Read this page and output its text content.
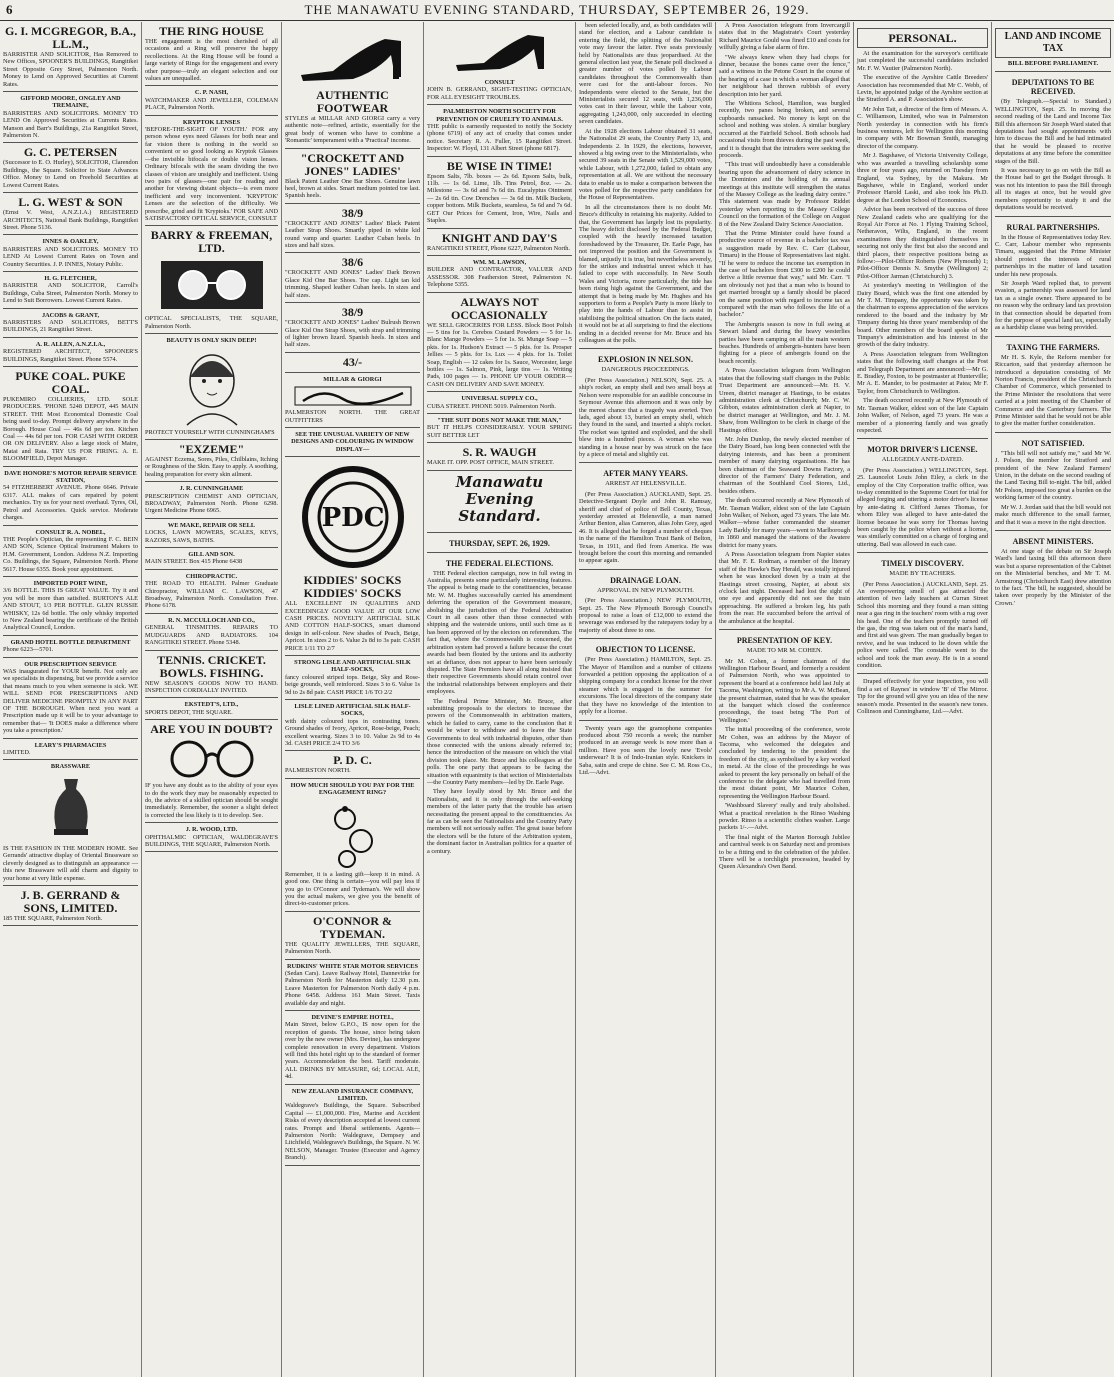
6	THE MANAWATU EVENING STANDARD, THURSDAY, SEPTEMBER 26, 1929.
G. I. MCGREGOR, B.A., LL.M.,
BARRISTER AND SOLICITOR, Has Removed to New Offices, SPOONER'S BUILDINGS, Rangitikei Street Opposite Grey Street, Palmerston North. Money to Lend on Approved Securities at Current Rates.
GIFFORD MOORE, ONGLEY AND TREMAINE,
BARRISTERS AND SOLICITORS. MONEY TO LEND On Approved Securities at Currents Rates. Manson and Barr's Buildings, 21a Rangitikei Street, Palmerston N.
G. C. PETERSEN
(Successor to E. O. Hurley), SOLICITOR, Clarendon Buildings, the Square. Solicitor to State Advances Office. Money to Lend on Freehold Securities at Lowest Current Rates.
L. G. WEST & SON
(Ernst V. West, A.N.Z.I.A.) REGISTERED ARCHITECTS, National Bank Buildings, Rangitikei Street. Phone 5136.
INNES & OAKLEY,
BARRISTERS AND SOLICITORS. MONEY TO LEND At Lowest Current Rates on Town and Country Securities. J. P. INNES, Notary Public.
H. G. FLETCHER,
BARRISTER AND SOLICITOR, Carroll's Buildings, Cuba Street, Palmerston North. Money to Lend to Suit Borrowers. Lowest Current Rates.
JACOBS & GRANT,
BARRISTERS AND SOLICITORS, BETT'S BUILDINGS, 21 Rangitikei Street.
A. R. ALLEN, A.N.Z.I.A.,
REGISTERED ARCHITECT, SPOONER'S BUILDINGS, Rangitikei Street. Phone 5574.
PUKE COAL. PUKE COAL.
PUKEMIRO COLLIERIES, LTD. SOLE PRODUCERS. 'PHONE 5248 DEPOT, 445 MAIN STREET. THE Most Economical Domestic Coal being used to-day. Prompt delivery anywhere in the Borough. House Coal — 46s 6d per ton. Kitchen Coal — 44s 6d per ton. FOR CASH WITH ORDER OR ON DELIVERY. Also a large stock of Maire, Matai and Rata. TRY US FOR FIRING. A. E. BLOOMFIELD, Depot Manager.
DAVE HONORE'S MOTOR REPAIR SERVICE STATION,
54 FITZHERBERT AVENUE. Phone 6646. Private 6317. ALL makes of cars repaired by potent mechanics. Try us for your next overhaul. Tyres, Oil, Petrol and Accessories. Quick service. Moderate charges.
CONSULT R. A. NOBEL,
THE People's Optician, the representing F. C. BEIN AND SON, Science Optical Instrument Makers to H.M. Government, London. Address N.Z. Importing Co. Buildings, the Square, Palmerston North. Phone 5617. House 6355. Book your appointment.
IMPORTED PORT WINE,
3/6 BOTTLE. THIS IS GREAT VALUE. Try it and you will be more than satisfied. BURTON'S ALE AND STOUT, 1/3 PER BOTTLE. GLEN RUSSIE WHISKY, 12s 6d bottle. The only whisky imported to New Zealand bearing the certificate of the British Analytical Council, London.
GRAND HOTEL BOTTLE DEPARTMENT
Phone 6223—5701.
OUR PRESCRIPTION SERVICE
WAS inaugurated for YOUR benefit. Not only are we specialists in dispensing, but we provide a service that means much to you when someone is sick. WE WILL SEND FOR PRESCRIPTIONS AND DELIVER MEDICINE PROMPTLY IN ANY PART OF THE BOROUGH. When next you want a Prescription made up it will be to your advantage to remember that— 'It DOES make a difference where you take a prescription.'
LEARY'S PHARMACIES
LIMITED.
BRASSWARE
IS THE FASHION IN THE MODERN HOME. See Gerrands' attractive display of Oriental Brassware so cleverly designed as to distinguish an appearance — this new Brassware will add charm and dignity to your home at very little expense.
J. B. GERRAND & SONS, LIMITED.
185 THE SQUARE, Palmerston North.
THE RING HOUSE
THE engagement is the most cherished of all occasions and a Ring will preserve the happy recollections. At the Ring House will be found a large variety of Rings for the engagement and every other purpose—truly an elegant selection and our values are unequalled.
C. P. NASH,
WATCHMAKER AND JEWELLER, COLEMAN PLACE, Palmerston North.
KRYPTOK LENSES
'BEFORE-THE-SIGHT OF YOUTH.' FOR any person whose eyes need Glasses for both near and far vision there is nothing in the world so convenient or so good looking as Kryptok Glasses—the invisible bifocals or double vision lenses. Ordinary bifocals with the seam dividing the two classes of vision are unsightly and inefficient. Using two pairs of glasses—one pair for reading and another for viewing distant objects—is even more inefficient and very inconvenient. 'KRYPTOK' Lenses are the selection of the difficulty. We prescribe, grind and fit 'Kryptoks.' FOR SAFE AND SATISFACTORY OPTICAL SERVICE, CONSULT
BARRY & FREEMAN, LTD.
OPTICAL SPECIALISTS, THE SQUARE, Palmerston North.
BEAUTY IS ONLY SKIN DEEP!
PROTECT YOURSELF WITH CUNNINGHAM'S
"EXZEME"
AGAINST Eczema, Sores, Piles, Chilblains, Itching or Roughness of the Skin. Easy to apply. A soothing, healing preparation for every skin ailment.
J. R. CUNNINGHAME
PRESCRIPTION CHEMIST AND OPTICIAN, BROADWAY, Palmerston North. Phone 6298. Urgent Medicine Phone 6965.
WE MAKE, REPAIR OR SELL
LOCKS, LAWN MOWERS, SCALES, KEYS, RAZORS, SAWS, BATHS.
GILL AND SON.
MAIN STREET. Box 415 Phone 6438
CHIROPRACTIC.
THE ROAD TO HEALTH. Palmer Graduate Chiropractor, WILLIAM C. LAWSON, 47 Broadway, Palmerston North. Consultation Free. Phone 6178.
R. N. MCCULLOCH AND CO.,
GENERAL TINSMITHS. REPAIRS TO MUDGUARDS AND RADIATORS. 104 RANGITIKEI STREET. Phone 5348.
TENNIS. CRICKET. BOWLS. FISHING.
NEW SEASON'S GOODS NOW TO HAND. INSPECTION CORDIALLY INVITED.
EKSTEDT'S, LTD.,
SPORTS DEPOT, THE SQUARE.
ARE YOU IN DOUBT?
IF you have any doubt as to the ability of your eyes to do the work they may be reasonably expected to do, the advice of a skilled optician should be sought immediately. Remember, the sooner a slight defect is corrected the less likely is it to develop. See.
J. R. WOOD, LTD.
OPHTHALMIC OPTICIAN, WALDEGRAVE'S BUILDINGS, THE SQUARE, Palmerston North.
AUTHENTIC FOOTWEAR
STYLES at MILLAR AND GIORGI carry a very authentic note—refined, artistic, essentially for the great body of women who have to combine a 'Romantic' temperament with a 'Practical' income.
"CROCKETT AND JONES" LADIES'
Black Patent Leather One Bar Shoes. Genuine lawn heel, brown at sides. Smart medium pointed toe last. Spanish heels.
38/9
"CROCKETT AND JONES" Ladies' Black Patent Leather Strap Shoes. Smartly piped in white kid round vamp and quarter. Leather Cuban heels. In sizes and half sizes.
38/6
"CROCKETT AND JONES" Ladies' Dark Brown Glace Kid One Bar Shoes. Toe cap. Light tan kid trimming. Shaped leather Cuban heels. In sizes and half sizes.
38/9
"CROCKETT AND JONES" Ladies' Bulrush Brown Glace Kid One Strap Shoes, with strap and trimming of lighter brown lizard. Spanish heels. In sizes and half sizes.
43/-
MILLAR & GIORGI
PALMERSTON NORTH. THE GREAT OUTFITTERS
SEE THE UNUSUAL VARIETY OF NEW DESIGNS AND COLOURING IN WINDOW DISPLAY—
PDC
KIDDIES' SOCKS KIDDIES' SOCKS
ALL EXCELLENT IN QUALITIES AND EXCEEDINGLY GOOD VALUE AT OUR LOW CASH PRICES. NOVELTY ARTIFICIAL SILK AND COTTON HALF-SOCKS, smart diamond design in self-colour. New shades of Peach, Beige, Apricot. In sizes 2 to 6. Value 2s 8d to 3s pair. CASH PRICE 1/11 TO 2/7
STRONG LISLE AND ARTIFICIAL SILK HALF-SOCKS,
fancy coloured striped tops. Beige, Sky and Rose-beige grounds, well reinforced. Sizes 3 to 6. Value 1s 9d to 2s 8d pair. CASH PRICE 1/6 TO 2/2
LISLE LINED ARTIFICIAL SILK HALF-SOCKS,
with dainty coloured tops in contrasting tones. Ground shades of Ivory, Apricot, Rose-beige, Peach; excellent wearing. Sizes 3 to 10. Value 2s 9d to 4s 3d. CASH PRICE 2/4 TO 3/6
P. D. C.
PALMERSTON NORTH.
HOW MUCH SHOULD YOU PAY FOR THE ENGAGEMENT RING?
Remember, it is a lasting gift—keep it in mind. A good one. One thing is certain—you will pay less if you go to O'Connor and Tydeman's. We will show you the actual makers, we give you the benefit of direct-to-customer prices.
O'CONNOR & TYDEMAN.
THE QUALITY JEWELLERS, THE SQUARE, Palmerston North.
RUDKINS' WHITE STAR MOTOR SERVICES
(Sedan Cars). Leave Railway Hotel, Dannevirke for Palmerston North for Masterton daily 12.30 p.m. Leave Masterton for Palmerston North daily 4 p.m. Phone 6458. Address 161 Main Street. Taxis available day and night.
DEVINE'S EMPIRE HOTEL,
Main Street, below G.P.O., IS now open for the reception of guests. The house, since being taken over by the new owner (Mrs. Devine), has undergone complete renovation in every department. Visitors will find this hotel right up to the standard of former years. Accommodation the best. Tariff moderate. ALL DRINKS BY MEASURE, 6d; LOCAL ALE, 4d.
NEW ZEALAND INSURANCE COMPANY, LIMITED.
Waldegrave's Buildings, the Square. Subscribed Capital — £1,000,000. Fire, Marine and Accident Risks of every description accepted at lowest current rates. Prompt and liberal settlements. Agents—Palmerston North: Waldegrave, Dempsey and Litchfield, Waldegrave's Buildings, the Square. N. W. NELSON, Manager. Trustee (Executor and Agency Branch).
CONSULT
JOHN B. GERRAND, SIGHT-TESTING OPTICIAN, FOR ALL EYESIGHT TROUBLES.
PALMERSTON NORTH SOCIETY FOR PREVENTION OF CRUELTY TO ANIMALS.
THE public is earnestly requested to notify the Society (phone 6719) of any act of cruelty that comes under notice. Secretary R. A. Fuller, 15 Rangitikei Street. Inspector: W. Floyd, 131 Albert Street (phone 6817).
BE WISE IN TIME!
Epsom Salts, 7lb. boxes — 2s 6d. Epsom Salts, bulk, 11lb. — 1s 6d. Lime, 1lb. Tins Petrol, 8oz. — 2s. Milestone — 3s 6d and 7s 6d tin. Eucalyptus Ointment — 2s 6d tin. Cow Drenches — 3s 6d tin. Milk Buckets, copper bottom. Milk Buckets, seamless, 5s 6d and 7s 6d. GET Our Prices for Cement, Iron, Wire, Nails and Staples.
KNIGHT AND DAY'S
RANGITIKEI STREET, Phone 6227, Palmerston North.
WM. M. LAWSON,
BUILDER AND CONTRACTOR, VALUER AND ASSESSOR. 308 Featherston Street, Palmerston N. Telephone 5355.
ALWAYS NOT OCCASIONALLY
WE SELL GROCERIES FOR LESS. Block Boot Polish — 5 tins for 1s. Cerebos Custard Powders — 5 for 1s. Blanc Mange Powders — 5 for 1s. St. Munge Soap — 5 pkts. for 1s. Hudson's Extract — 5 pkts. for 1s. Prosper Jellies — 5 pkts. for 1s. Lux — 4 pkts. for 1s. Toilet Soap, English — 12 cakes for 1s. Sauce, Worcester, large bottles — 1s. Salmon, Pink, large tins — 1s. Writing Pads, 100 pages — 1s. PHONE UP YOUR ORDER—CASH ON DELIVERY AND SAVE MONEY.
UNIVERSAL SUPPLY CO.,
CUBA STREET. PHONE 5019. Palmerston North.
"THE SUIT DOES NOT MAKE THE MAN,"
BUT IT HELPS CONSIDERABLY. YOUR SPRING SUIT BETTER LET
S. R. WAUGH
MAKE IT. OPP. POST OFFICE, MAIN STREET.
Manawatu Evening Standard.
THURSDAY, SEPT. 26, 1929.
THE FEDERAL ELECTIONS.
THE Federal election campaign, now in full swing in Australia, presents some particularly interesting features. The appeal is being made to the constituencies, because Mr. W. M. Hughes successfully carried his amendment deferring the operation of the Government measure, abolishing the jurisdiction of the Federal Arbitration Court in all cases other than those connected with shipping and the waterside unions, until such time as it has been approved of by the electors on referendum. The fact that, where the Commonwealth is concerned, the arbitration system had proved a failure because the court awards had been flouted by the unions and its authority set at defiance, does not appear to have been seriously disputed. The State Premiers have all along insisted that their respective Governments should retain control over the industrial relationships between employers and their employees.
The Federal Prime Minister, Mr. Bruce, after submitting proposals to the electors to increase the powers of the Commonwealth in arbitration matters, which he failed to carry, came to the conclusion that it would be wiser to withdraw and to leave the State Governments to deal with industrial disputes, other than those connected with the unions already referred to; hence the introduction of the measure on which the vital division took place. Mr. Bruce and his colleagues at the polls. The one party that appears to be facing the situation with equanimity is that section of Ministerialists—the Country Party members—led by Dr. Earle Page.
They have loyally stood by Mr. Bruce and the Nationalists, and it is only through the self-seeking members of the latter party that the trouble has arisen necessitating the present appeal to the constituencies. As far as can be seen the Nationalists and the Country Party members will not seriously suffer. The great issue before the electors will be the future of the Arbitration system, the dominant factor in Australian politics for a quarter of a century.
been selected locally, and, as both candidates will stand for election, and a Labour candidate is entering the field, the splitting of the Nationalist vote may favour the latter. Five seats previously held by Nationalists are thus jeopardised. At the general election last year, the Senate poll disclosed a greater number of votes polled by Labour candidates throughout the Commonwealth than were cast for the anti-labour forces. No Independents were elected to the Senate, but the Ministerialists secured 12 seats, with 1,236,000 votes cast in their favour, while the Labour vote, aggregating 1,243,000, only succeeded in electing seven candidates.
At the 1928 elections Labour obtained 31 seats, the Nationalist 29 seats, the Country Party 13, and Independents 2. In 1929, the elections, however, showed a big swing over to the Ministerialists, who secured 39 seats in the Senate with 1,529,000 votes, while Labour, with 1,272,000, failed to obtain any representation at all. We are without the necessary data to enable us to make a comparison between the votes polled for the respective party candidates for the House of Representatives.
In all the circumstances there is no doubt Mr. Bruce's difficulty in retaining his majority. Added to that, the Government has largely lost its popularity. The heavy deficit disclosed by the Federal Budget, coupled with the heavily increased taxation foreshadowed by the Treasurer, Dr. Earle Page, has not improved the position and the Government is blamed, unjustly it is true, but nevertheless severely, for the strikes and industrial unrest which it has failed to cope with successfully. In New South Wales and Victoria, more particularly, the tide has been rising high against the Government, and the attempt that is being made by Mr. Hughes and his supporters to form a People's Party is more likely to play into the hands of Labour than to assist in stabilising the political situation. On the facts stated, it would not be at all surprising to find the elections ending in a decided reverse for Mr. Bruce and his colleagues at the polls.
EXPLOSION IN NELSON.
DANGEROUS PROCEEDINGS.
(Per Press Association.) NELSON, Sept. 25. A ship's rocket, an empty shell and two small boys at Nelson were responsible for an audible concourse in Seymour Avenue this afternoon and it was only by the merest chance that a tragedy was averted. Two lads, aged about 13, buried an empty shell, which they found in the sand, and inserted a ship's rocket. The rocket was ignited and exploded, and the shell blew into a hundred pieces. A woman who was standing in a house near by was struck on the face by a piece of metal and slightly cut.
AFTER MANY YEARS.
ARREST AT HELENSVILLE.
(Per Press Association.) AUCKLAND, Sept. 25. Detective-Sergeant Doyle and John R. Ramsay, sheriff and chief of police of Bell County, Texas, yesterday arrested at Helensville, a man named Arthur Benton, alias Cameron, alias John Grey, aged 46. It is alleged that he forged a number of cheques in the name of the Hamilton Trust Bank of Belton, Texas, in 1911, and fled from America. He was brought before the court this morning and remanded to appear again.
DRAINAGE LOAN.
APPROVAL IN NEW PLYMOUTH.
(Per Press Association.) NEW PLYMOUTH, Sept. 25. The New Plymouth Borough Council's proposal to raise a loan of £12,000 to extend the sewerage was endorsed by the ratepayers today by a majority of about three to one.
OBJECTION TO LICENSE.
(Per Press Association.) HAMILTON, Sept. 25. The Mayor of Hamilton and a number of citizens forwarded a petition opposing the application of a shipping company for a conduct license for the river steamer which is engaged in the summer for excursions. The local directors of the company state that they have no knowledge of the intention to apply for a license.
Twenty years ago the gramophone companies produced about 750 records a week; the number produced in an average week is now more than a million. Have you seen the lovely new 'Evols' underwear? It is of Indo-Iranian style. Knickers in Saba, satin and crepe de chine. See C. M. Ross Co., Ltd.—Advt.
A Press Association telegram from Invercargill states that in the Magistrate's Court yesterday Richard Maurice Gould was fined £10 and costs for wilfully giving a false alarm of fire.
"We always knew when they had chops for dinner, because the bones came over the fence," said a witness in the Petone Court in the course of the hearing of a case in which a woman alleged that her neighbour had thrown rubbish of every description into her yard.
The Whitiora School, Hamilton, was burgled recently, two panes being broken, and several cupboards ransacked. No money is kept on the school and nothing was stolen. A similar burglary occurred at the Fairfield School. Both schools had occasional visits from thieves during the past week, and it is thought that the intruders were seeking the proceeds.
"This trust will undoubtedly have a considerable bearing upon the advancement of dairy science in the Dominion and the holding of its annual meetings at this institute will strengthen the status of the Massey College as the leading dairy centre." This statement was made by Professor Riddet yesterday when reporting to the Massey College Council on the formation of the College on August 8 of the New Zealand Dairy Science Association.
That the Prime Minister could have found a productive source of revenue in a bachelor tax was a suggestion made by Rev. C. Carr (Labour, Timaru) in the House of Representatives last night. "If he were to reduce the income tax exemption in the case of bachelors from £300 to £200 he could derive a little revenue that way," said Mr. Carr. "I am obviously not just that a man who is bound to get married brought up a family should be placed on the same position with regard to income tax as compared with the man who follows the life of a bachelor."
The Ambergris season is now in full swing at Stewart Island and during the heavy westerlies parties have been camping on all the main western beaches. Hundreds of ambergris-hunters have been fighting for a piece of ambergris found on the beach recently.
A Press Association telegram from Wellington states that the following staff changes in the Public Trust Department are announced:—Mr. H. V. Ureen, district manager at Hastings, to be estates administration clerk at Christchurch; Mr. C. W. Gibbon, estates administration clerk at Napier, to be district manager at Wellington, and Mr. J. M. Shaw, from Wellington to be clerk in charge of the Hastings office.
Mr. John Dunlop, the newly elected member of the Dairy Board, has long been connected with the dairying interests, and has been a prominent member of many dairying organisations. He has been chairman of the Seaward Downs Factory, a director of the Farmers' Dairy Federation, and chairman of the Southland Cool Stores, Ltd., besides others.
The death occurred recently at New Plymouth of Mr. Tasman Walker, eldest son of the late Captain John Walker, of Nelson, aged 73 years. The late Mr. Walker—whose father commanded the steamer Lady Barkly for many years—went to Marlborough in 1860 and managed the stations of the Awatere district for many years.
A Press Association telegram from Napier states that Mr. F. E. Rodman, a member of the literary staff of the Hawke's Bay Herald, was totally injured when he was knocked down by a train at the Hastings street crossing, Napier, at about six o'clock last night. Deceased had lost the sight of one eye and apparently did not see the train approaching. He suffered a broken leg, his path from the rear. He succumbed before the arrival of the ambulance at the hospital.
PRESENTATION OF KEY.
MADE TO MR M. COHEN.
Mr M. Cohen, a former chairman of the Wellington Harbour Board, and formerly a resident of Palmerston North, who was appointed to represent the board at a conference held last July at Tacoma, Washington, writing to Mr A. W. McBean, the present chairman, stated that he was the speaker at the banquet which closed the conference proceedings, the toast being 'The Port of Wellington.'
The initial proceeding of the conference, wrote Mr Cohen, was an address by the Mayor of Tacoma, who welcomed the delegates and concluded by tendering to the president the freedom of the city, as symbolised by a key worked in metal. At the close of the proceedings he was asked to present the key personally on behalf of the conference to the delegate who had travelled from the most distant point, Mr Maurice Cohen, representing the Wellington Harbour Board.
'Washboard Slavery' really and truly abolished. What a practical revelation is the Rinso Washing powder. Rinso is a scientific clothes washer. Large packets 1/-.—Advt.
The final night of the Marton Borough Jubilee and carnival week is on Saturday next and promises to be a fitting end to the celebration of the jubilee. There will be a torchlight procession, headed by Queen Alexandra's Own Band.
PERSONAL.
At the examination for the surveyor's certificate just completed the successful candidates included Mr. F. W. Vautier (Palmerston North).
The executive of the Ayrshire Cattle Breeders' Association has recommended that Mr C. Webb, of Levin, be appointed judge of the Ayrshire section at the Stratford A. and P. Association's show.
Mr John Tait, a director of the firm of Messrs. A. C. Williamson, Limited, who was in Palmerston North yesterday in connection with his firm's business ventures, left for Wellington this morning in company with Mr Bowman Smith, managing director of the company.
Mr J. Bagshawe, of Victoria University College, who was awarded a travelling scholarship some three or four years ago, returned on Tuesday from England, via Sydney, by the Makura. Mr Bagshawe, while in England, worked under Professor Harold Laski, and also took his Ph.D. degree at the London School of Economics.
Advice has been received of the success of three New Zealand cadets who are qualifying for the Royal Air Force at No. 1 Flying Training School, Netheravon, Wilts, England, in the recent examinations they distinguished themselves in securing not only the first but also the second and third places, their respective positions being as follow:—Pilot-Officer Roberts (New Plymouth) 1; Pilot-Officer Dennis N. Smythe (Wellington) 2; Pilot-Officer Jarman (Christchurch) 3.
At yesterday's meeting in Wellington of the Dairy Board, which was the first one attended by Mr T. M. Timpany, the opportunity was taken by the chairman to express appreciation of the services rendered to the board and the industry by Mr Timpany during his three years' membership of the board. Other members of the board spoke of Mr Timpany's administration and his interest in the growth of the dairy industry.
A Press Association telegram from Wellington states that the following staff changes at the Post and Telegraph Department are announced:—Mr G. E. Bradley, Foxton, to be postmaster at Hunterville; Mr A. E. Mander, to be postmaster at Patea; Mr F. Taylor, from Christchurch to Wellington.
The death occurred recently at New Plymouth of Mr. Tasman Walker, eldest son of the late Captain John Walker, of Nelson, aged 73 years. He was a member of a pioneering family and was greatly respected.
MOTOR DRIVER'S LICENSE.
ALLEGEDLY ANTE-DATED.
(Per Press Association.) WELLINGTON, Sept. 25. Launcelot Louis John Eiley, a clerk in the employ of the City Corporation traffic office, was to-day committed to the Supreme Court for trial for alleged forging and uttering a motor driver's license by ante-dating it. Clifford James Thomas, for whom Eiley was alleged to have ante-dated the license because he was sorry for Thomas having been caught by the police when without a license, was similarly committed on a charge of forging and uttering. Bail was allowed in each case.
TIMELY DISCOVERY.
MADE BY TEACHERS.
(Per Press Association.) AUCKLAND, Sept. 25. An overpowering smell of gas attracted the attention of two lady teachers at Curran Street School this morning and they found a man sitting near a gas ring in the teachers' room with a rug over his head. One of the teachers promptly turned off the gas, the ring was taken out of the man's hand, and first aid was given. The man gradually began to revive, and he was induced to lie down while the police were called. The constable went to the school and took the man away. He is in a sound condition.
Draped effectively for your inspection, you will find a set of Raynes' in window 'B' of The Mirror. Tip for the ground will give you an idea of the new season's mode. Presented in the season's new tones. Collinson and Cunninghame, Ltd.—Advt.
LAND AND INCOME TAX
BILL BEFORE PARLIAMENT.
DEPUTATIONS TO BE RECEIVED.
(By Telegraph.—Special to Standard.) WELLINGTON, Sept. 25. In moving the second reading of the Land and Income Tax Bill this afternoon Sir Joseph Ward stated that deputations had sought appointments with him to discuss the Bill and he had intimated that he would be pleased to receive deputations at any time before the committee stages of the Bill.
It was necessary to go on with the Bill as the House had to get the Budget through. It was not his intention to pass the Bill through all its stages at once, but he would give members opportunity to study it and the deputations would be received.
RURAL PARTNERSHIPS.
In the House of Representatives today Rev. C. Carr, Labour member who represents Timaru, suggested that the Prime Minister should protect the interests of rural partnerships in the matter of land taxation under his new proposals.
Sir Joseph Ward replied that, to prevent evasion, a partnership was assessed for land tax as a single owner. There appeared to be no reason why the ordinary land tax provision in that connection should be departed from for the purpose of special land tax, especially as a hardship clause was being provided.
TAXING THE FARMERS.
Mr H. S. Kyle, the Reform member for Riccarton, said that yesterday afternoon he introduced a deputation consisting of Mr Norton Francis, president of the Christchurch Chamber of Commerce, which presented to the Prime Minister the resolutions that were carried at a joint meeting of the Chamber of Commerce and the Canterbury farmers. The Prime Minister said that he would not be able to give the matter further consideration.
NOT SATISFIED.
"This bill will not satisfy me," said Mr W. J. Polson, the member for Stratford and president of the New Zealand Farmers' Union, in the debate on the second reading of the Land Taxing Bill to-night. The bill, added Mr Polson, imposed too great a burden on the working farmer of the country.
Mr W. J. Jordan said that the bill would not make much difference to the small farmer, and that it was a move in the right direction.
ABSENT MINISTERS.
At one stage of the debate on Sir Joseph Ward's land taxing bill this afternoon there was but a sparse representation of the Cabinet on the Ministerial benches, and Mr T. M. Armstrong (Christchurch East) drew attention to the fact. 'The bill, he suggested, should be taken over properly by the Minister of the Crown.'
